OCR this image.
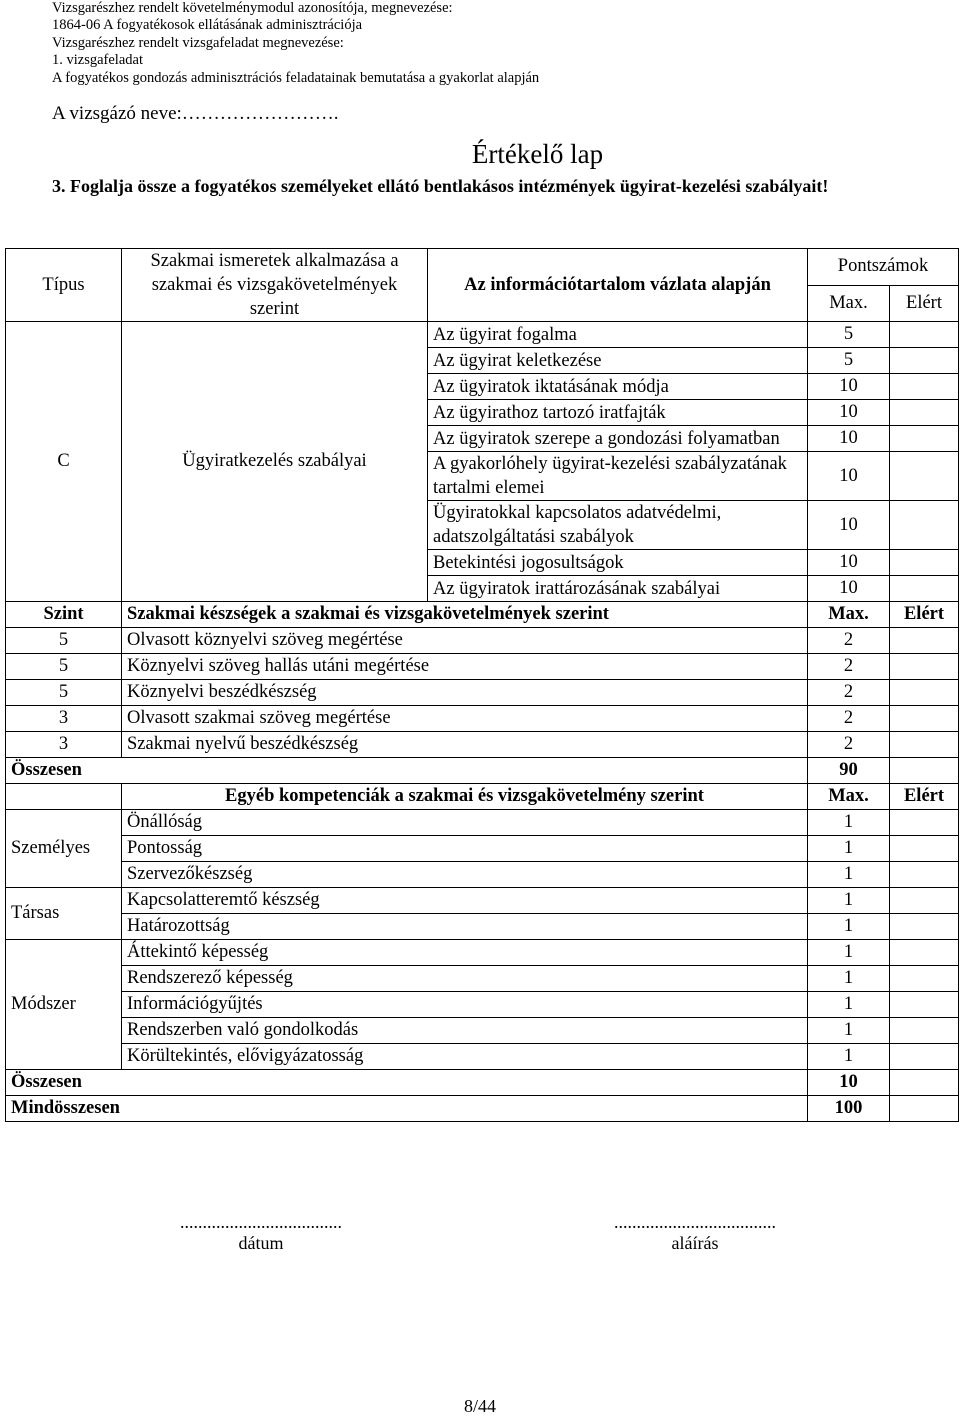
Vizsgarészhez rendelt követelménymodul azonosítója, megnevezése:
1864-06 A fogyatékosok ellátásának adminisztrációja
Vizsgarészhez rendelt vizsgafeladat megnevezése:
1. vizsgafeladat
A fogyatékos gondozás adminisztrációs feladatainak bemutatása a gyakorlat alapján
A vizsgázó neve:…………………….
Értékelő lap
3. Foglalja össze a fogyatékos személyeket ellátó bentlakásos intézmények ügyirat-kezelési szabályait!
Típus	Szakmai ismeretek alkalmazása a szakmai és vizsgakövetelmények szerint	Az információtartalom vázlata alapján	Pontszámok	
			Max.	Elért
C	Ügyiratkezelés szabályai	Az ügyirat fogalma	5	
		Az ügyirat keletkezése	5	
		Az ügyiratok iktatásának módja	10	
		Az ügyirathoz tartozó iratfajták	10	
		Az ügyiratok szerepe a gondozási folyamatban	10	
		A gyakorlóhely ügyirat-kezelési szabályzatának tartalmi elemei	10	
		Ügyiratokkal kapcsolatos adatvédelmi, adatszolgáltatási szabályok	10	
		Betekintési jogosultságok	10	
		Az ügyiratok irattározásának szabályai	10	
Szint	Szakmai készségek a szakmai és vizsgakövetelmények szerint		Max.	Elért
5	Olvasott köznyelvi szöveg megértése		2	
5	Köznyelvi szöveg hallás utáni megértése		2	
5	Köznyelvi beszédkészség		2	
3	Olvasott szakmai szöveg megértése		2	
3	Szakmai nyelvű beszédkészség		2	
Összesen			90	
	Egyéb kompetenciák a szakmai és vizsgakövetelmény szerint		Max.	Elért
Személyes	Önállóság		1	
	Pontosság		1	
	Szervezőkészség		1	
Társas	Kapcsolatteremtő készség		1	
	Határozottság		1	
Módszer	Áttekintő képesség		1	
	Rendszerező képesség		1	
	Információgyűjtés		1	
	Rendszerben való gondolkodás		1	
	Körültekintés, elővigyázatosság		1	
Összesen			10	
Mindösszesen			100	
....................................
dátum
....................................
aláírás
8/44
